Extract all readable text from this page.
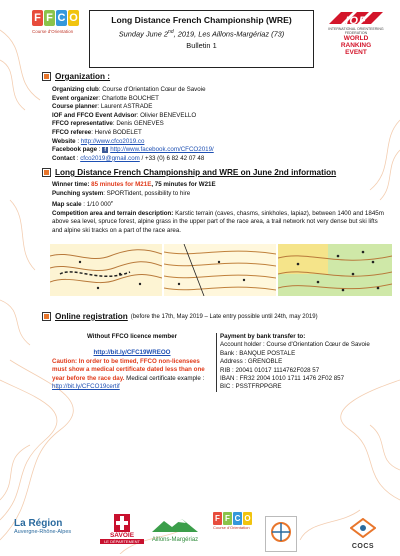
F F C O
Course d'Orientation
Long Distance French Championship (WRE)
Sunday June 2nd, 2019, Les Aillons-Margériaz (73)
Bulletin 1
IOF
INTERNATIONAL ORIENTEERING FEDERATION
WORLD
RANKING
EVENT
Organization :
Organizing club: Course d'Orientation Cœur de Savoie
Event organizer: Charlotte BOUCHET
Course planner: Laurent ASTRADE
IOF and FFCO Event Advisor: Olivier BENEVELLO
FFCO representative: Denis GENEVES
FFCO referee: Hervé BODELET
Website : http://www.cfco2019.co
Facebook page : f http://www.facebook.com/CFCO2019/
Contact : cfco2019@gmail.com / +33 (0) 6 82 42 07 48
Long Distance French Championship and WRE on June 2nd information
Winner time: 85 minutes for M21E, 75 minutes for W21E
Punching system: SPORTident, possibility to hire
Map scale : 1/10 000e
Competition area and terrain description: Karstic terrain (caves, chasms, sinkholes, lapiaz), between 1400 and 1845m above sea level, spruce forest, alpine grass in the upper part of the race area, a trail network not very dense but ski lifts and alpine ski tracks on a part of the race area.
Online registration (before the 17th, May 2019 – Late entry possible until 24th, may 2019)
Without FFCO licence member
http://bit.ly/CFC19WREOO
Caution: In order to be timed, FFCO non-licensees must show a medical certificate dated less than one year before the race day. Medical certificate example :
http://bit.ly/CFCO19certif
Payment by bank transfer to:
Account holder : Course d'Orientation Cœur de Savoie
Bank : BANQUE POSTALE
Address : GRENOBLE
RIB : 20041 01017 1114762F028 57
IBAN : FR32 2004 1010 1711 1476 2F02 857
BIC : PSSTFRPPGRE
La Région
Auvergne-Rhône-Alpes	SAVOIE
LE DÉPARTEMENT	Aillons-Margériaz
F F C O
Course d'Orientation
COCS
